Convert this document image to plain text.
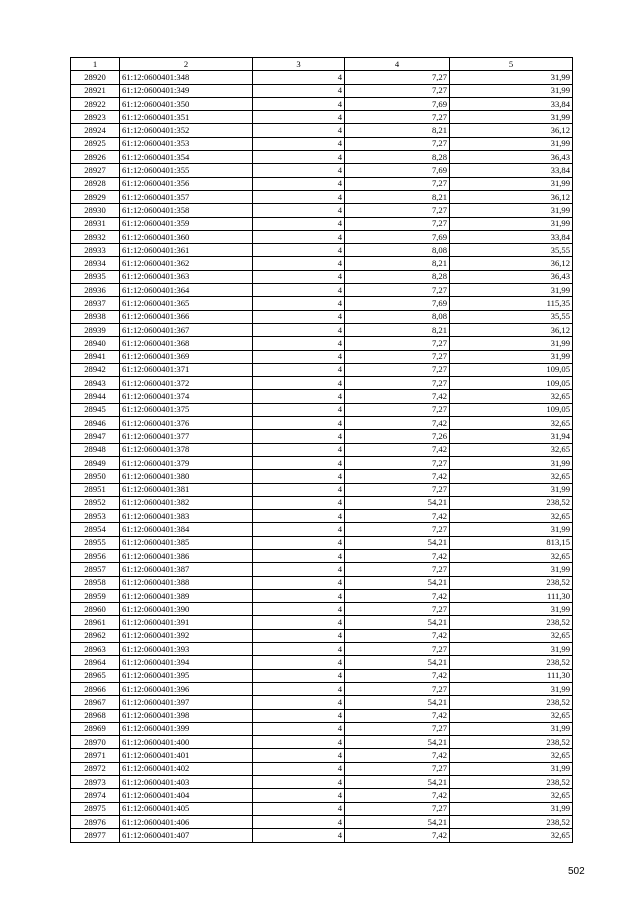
1	2	3	4	5
28920	61:12:0600401:348	4	7,27	31,99
28921	61:12:0600401:349	4	7,27	31,99
28922	61:12:0600401:350	4	7,69	33,84
28923	61:12:0600401:351	4	7,27	31,99
28924	61:12:0600401:352	4	8,21	36,12
28925	61:12:0600401:353	4	7,27	31,99
28926	61:12:0600401:354	4	8,28	36,43
28927	61:12:0600401:355	4	7,69	33,84
28928	61:12:0600401:356	4	7,27	31,99
28929	61:12:0600401:357	4	8,21	36,12
28930	61:12:0600401:358	4	7,27	31,99
28931	61:12:0600401:359	4	7,27	31,99
28932	61:12:0600401:360	4	7,69	33,84
28933	61:12:0600401:361	4	8,08	35,55
28934	61:12:0600401:362	4	8,21	36,12
28935	61:12:0600401:363	4	8,28	36,43
28936	61:12:0600401:364	4	7,27	31,99
28937	61:12:0600401:365	4	7,69	115,35
28938	61:12:0600401:366	4	8,08	35,55
28939	61:12:0600401:367	4	8,21	36,12
28940	61:12:0600401:368	4	7,27	31,99
28941	61:12:0600401:369	4	7,27	31,99
28942	61:12:0600401:371	4	7,27	109,05
28943	61:12:0600401:372	4	7,27	109,05
28944	61:12:0600401:374	4	7,42	32,65
28945	61:12:0600401:375	4	7,27	109,05
28946	61:12:0600401:376	4	7,42	32,65
28947	61:12:0600401:377	4	7,26	31,94
28948	61:12:0600401:378	4	7,42	32,65
28949	61:12:0600401:379	4	7,27	31,99
28950	61:12:0600401:380	4	7,42	32,65
28951	61:12:0600401:381	4	7,27	31,99
28952	61:12:0600401:382	4	54,21	238,52
28953	61:12:0600401:383	4	7,42	32,65
28954	61:12:0600401:384	4	7,27	31,99
28955	61:12:0600401:385	4	54,21	813,15
28956	61:12:0600401:386	4	7,42	32,65
28957	61:12:0600401:387	4	7,27	31,99
28958	61:12:0600401:388	4	54,21	238,52
28959	61:12:0600401:389	4	7,42	111,30
28960	61:12:0600401:390	4	7,27	31,99
28961	61:12:0600401:391	4	54,21	238,52
28962	61:12:0600401:392	4	7,42	32,65
28963	61:12:0600401:393	4	7,27	31,99
28964	61:12:0600401:394	4	54,21	238,52
28965	61:12:0600401:395	4	7,42	111,30
28966	61:12:0600401:396	4	7,27	31,99
28967	61:12:0600401:397	4	54,21	238,52
28968	61:12:0600401:398	4	7,42	32,65
28969	61:12:0600401:399	4	7,27	31,99
28970	61:12:0600401:400	4	54,21	238,52
28971	61:12:0600401:401	4	7,42	32,65
28972	61:12:0600401:402	4	7,27	31,99
28973	61:12:0600401:403	4	54,21	238,52
28974	61:12:0600401:404	4	7,42	32,65
28975	61:12:0600401:405	4	7,27	31,99
28976	61:12:0600401:406	4	54,21	238,52
28977	61:12:0600401:407	4	7,42	32,65
502
